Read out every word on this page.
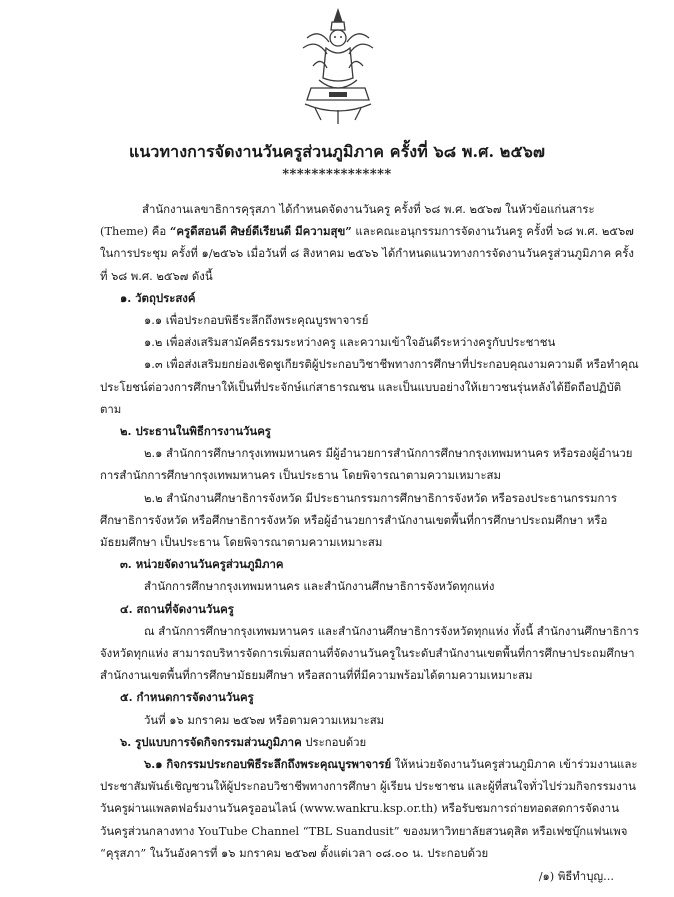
แนวทางการจัดงานวันครูส่วนภูมิภาค ครั้งที่ ๖๘ พ.ศ. ๒๕๖๗
***************

สำนักงานเลขาธิการคุรุสภา ได้กำหนดจัดงานวันครู ครั้งที่ ๖๘ พ.ศ. ๒๕๖๗ ในหัวข้อแก่นสาระ (Theme) คือ “ครูดีสอนดี ศิษย์ดีเรียนดี มีความสุข” และคณะอนุกรรมการจัดงานวันครู ครั้งที่ ๖๘ พ.ศ. ๒๕๖๗ ในการประชุม ครั้งที่ ๑/๒๕๖๖ เมื่อวันที่ ๘ สิงหาคม ๒๕๖๖ ได้กำหนดแนวทางการจัดงานวันครูส่วนภูมิภาค ครั้งที่ ๖๘ พ.ศ. ๒๕๖๗ ดังนี้

๑. วัตถุประสงค์

๑.๑ เพื่อประกอบพิธีระลึกถึงพระคุณบูรพาจารย์

๑.๒ เพื่อส่งเสริมสามัคคีธรรมระหว่างครู และความเข้าใจอันดีระหว่างครูกับประชาชน

๑.๓ เพื่อส่งเสริมยกย่องเชิดชูเกียรติผู้ประกอบวิชาชีพทางการศึกษาที่ประกอบคุณงามความดี หรือทำคุณประโยชน์ต่อวงการศึกษาให้เป็นที่ประจักษ์แก่สาธารณชน และเป็นแบบอย่างให้เยาวชนรุ่นหลังได้ยึดถือปฏิบัติตาม

๒. ประธานในพิธีการงานวันครู

๒.๑ สำนักการศึกษากรุงเทพมหานคร มีผู้อำนวยการสำนักการศึกษากรุงเทพมหานคร หรือรองผู้อำนวยการสำนักการศึกษากรุงเทพมหานคร เป็นประธาน โดยพิจารณาตามความเหมาะสม

๒.๒ สำนักงานศึกษาธิการจังหวัด มีประธานกรรมการศึกษาธิการจังหวัด หรือรองประธานกรรมการศึกษาธิการจังหวัด หรือศึกษาธิการจังหวัด หรือผู้อำนวยการสำนักงานเขตพื้นที่การศึกษาประถมศึกษา หรือมัธยมศึกษา เป็นประธาน โดยพิจารณาตามความเหมาะสม

๓. หน่วยจัดงานวันครูส่วนภูมิภาค

สำนักการศึกษากรุงเทพมหานคร และสำนักงานศึกษาธิการจังหวัดทุกแห่ง

๔. สถานที่จัดงานวันครู

ณ สำนักการศึกษากรุงเทพมหานคร และสำนักงานศึกษาธิการจังหวัดทุกแห่ง ทั้งนี้ สำนักงานศึกษาธิการจังหวัดทุกแห่ง สามารถบริหารจัดการเพิ่มสถานที่จัดงานวันครูในระดับสำนักงานเขตพื้นที่การศึกษาประถมศึกษา สำนักงานเขตพื้นที่การศึกษามัธยมศึกษา หรือสถานที่ที่มีความพร้อมได้ตามความเหมาะสม

๕. กำหนดการจัดงานวันครู

วันที่ ๑๖ มกราคม ๒๕๖๗ หรือตามความเหมาะสม

๖. รูปแบบการจัดกิจกรรมส่วนภูมิภาค ประกอบด้วย

๖.๑ กิจกรรมประกอบพิธีระลึกถึงพระคุณบูรพาจารย์ ให้หน่วยจัดงานวันครูส่วนภูมิภาค เข้าร่วมงานและประชาสัมพันธ์เชิญชวนให้ผู้ประกอบวิชาชีพทางการศึกษา ผู้เรียน ประชาชน และผู้ที่สนใจทั่วไปร่วมกิจกรรมงานวันครูผ่านแพลตฟอร์มงานวันครูออนไลน์ (www.wankru.ksp.or.th) หรือรับชมการถ่ายทอดสดการจัดงานวันครูส่วนกลางทาง YouTube Channel “TBL Suandusit” ของมหาวิทยาลัยสวนดุสิต หรือเฟซบุ๊กแฟนเพจ “คุรุสภา” ในวันอังคารที่ ๑๖ มกราคม ๒๕๖๗ ตั้งแต่เวลา ๐๘.๐๐ น. ประกอบด้วย

/๑) พิธีทำบุญ...
